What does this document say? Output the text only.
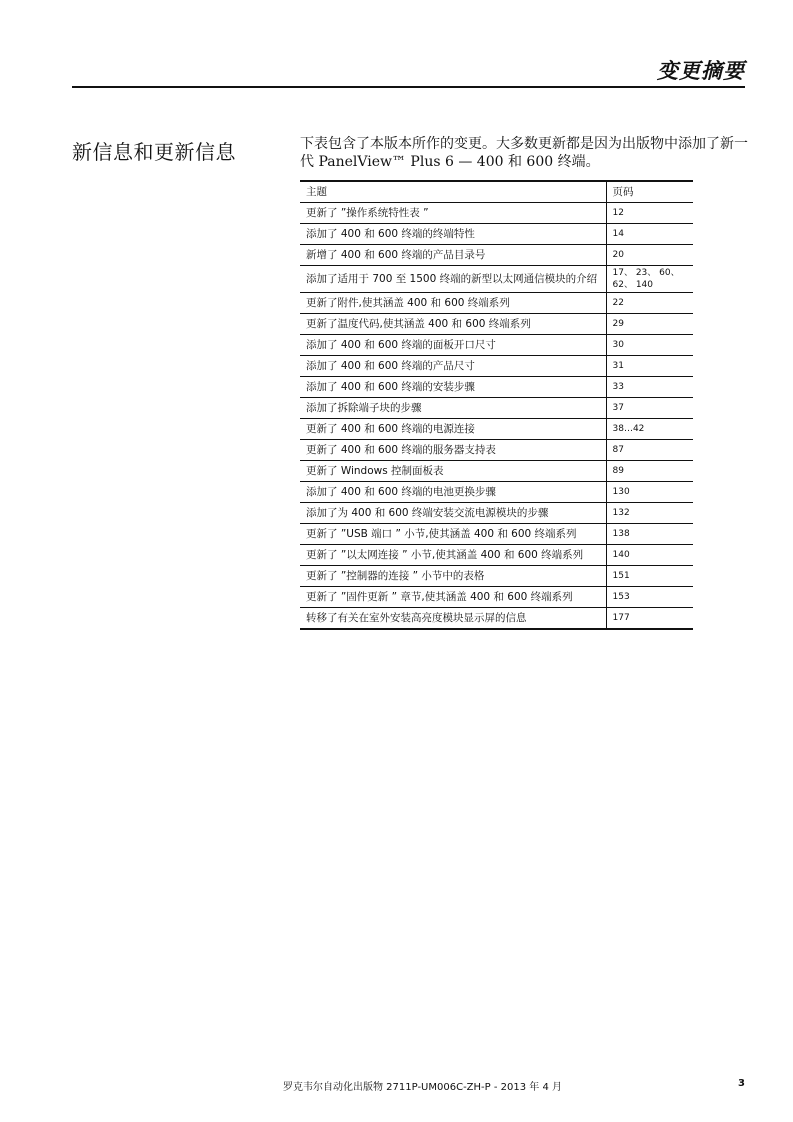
变更摘要
新信息和更新信息	下表包含了本版本所作的变更。大多数更新都是因为出版物中添加了新一代 PanelView™ Plus 6 — 400 和 600 终端。

主题	页码
更新了 ”操作系统特性表 ”	12
添加了 400 和 600 终端的终端特性	14
新增了 400 和 600 终端的产品目录号	20
添加了适用于 700 至 1500 终端的新型以太网通信模块的介绍	17、 23、 60、 62、 140
更新了附件,使其涵盖 400 和 600 终端系列	22
更新了温度代码,使其涵盖 400 和 600 终端系列	29
添加了 400 和 600 终端的面板开口尺寸	30
添加了 400 和 600 终端的产品尺寸	31
添加了 400 和 600 终端的安装步骤	33
添加了拆除端子块的步骤	37
更新了 400 和 600 终端的电源连接	38…42
更新了 400 和 600 终端的服务器支持表	87
更新了 Windows 控制面板表	89
添加了 400 和 600 终端的电池更换步骤	130
添加了为 400 和 600 终端安装交流电源模块的步骤	132
更新了 ”USB 端口 ” 小节,使其涵盖 400 和 600 终端系列	138
更新了 ”以太网连接 ” 小节,使其涵盖 400 和 600 终端系列	140
更新了 ”控制器的连接 ” 小节中的表格	151
更新了 ”固件更新 ” 章节,使其涵盖 400 和 600 终端系列	153
转移了有关在室外安装高亮度模块显示屏的信息	177
罗克韦尔自动化出版物 2711P-UM006C-ZH-P - 2013 年 4 月	3
